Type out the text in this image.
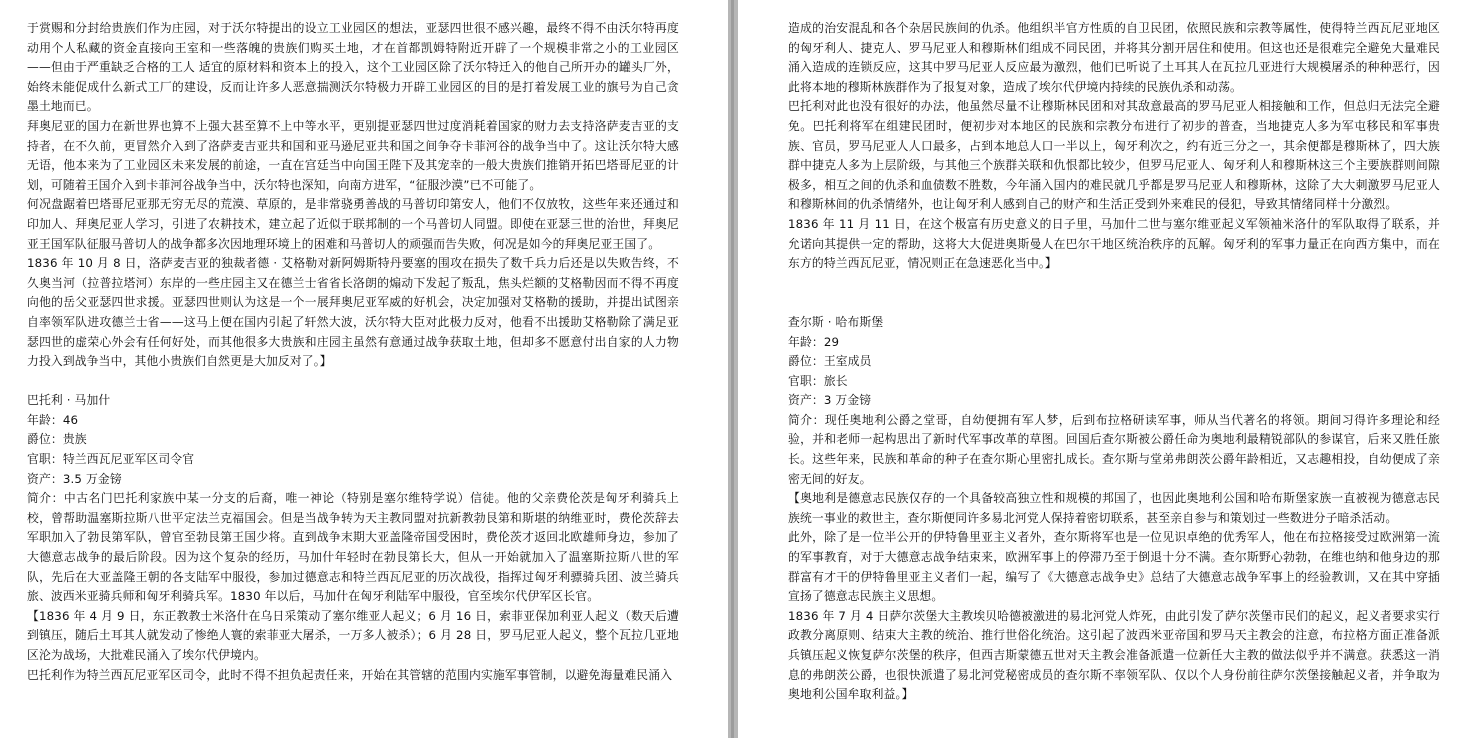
于赏赐和分封给贵族们作为庄园，对于沃尔特提出的设立工业园区的想法，亚瑟四世很不感兴趣，最终不得不由沃尔特再度动用个人私藏的资金直接向王室和一些落魄的贵族们购买土地，才在首都凯姆特附近开辟了一个规模非常之小的工业园区——但由于严重缺乏合格的工人 适宜的原材料和资本上的投入，这个工业园区除了沃尔特迁入的他自己所开办的罐头厂外，始终未能促成什么新式工厂的建设，反而让许多人恶意揣测沃尔特极力开辟工业园区的目的是打着发展工业的旗号为自己贪墨土地而已。

拜奥尼亚的国力在新世界也算不上强大甚至算不上中等水平，更别提亚瑟四世过度消耗着国家的财力去支持洛萨麦吉亚的支持者，在不久前，更冒然介入到了洛萨麦吉亚共和国和亚马逊尼亚共和国之间争夺卡菲河谷的战争当中了。这让沃尔特大感无语，他本来为了工业园区未来发展的前途，一直在宫廷当中向国王陛下及其宠幸的一般大贵族们推销开拓巴塔哥尼亚的计划，可随着王国介入到卡菲河谷战争当中，沃尔特也深知，向南方进军，“征服沙漠”已不可能了。

何况盘踞着巴塔哥尼亚那无穷无尽的荒漠、草原的，是非常骁勇善战的马普切印第安人，他们不仅放牧，这些年来还通过和印加人、拜奥尼亚人学习，引进了农耕技术，建立起了近似于联邦制的一个马普切人同盟。即使在亚瑟三世的治世，拜奥尼亚王国军队征服马普切人的战争都多次因地理环境上的困难和马普切人的顽强而告失败，何况是如今的拜奥尼亚王国了。

1836 年 10 月 8 日，洛萨麦吉亚的独裁者德 · 艾格勒对新阿姆斯特丹要塞的围攻在损失了数千兵力后还是以失败告终，不久奥当河（拉普拉塔河）东岸的一些庄园主又在德兰士省省长洛朗的煽动下发起了叛乱，焦头烂额的艾格勒因而不得不再度向他的岳父亚瑟四世求援。亚瑟四世则认为这是一个一展拜奥尼亚军威的好机会，决定加强对艾格勒的援助，并提出试图亲自率领军队进攻德兰士省——这马上便在国内引起了轩然大波，沃尔特大臣对此极力反对，他看不出援助艾格勒除了满足亚瑟四世的虚荣心外会有任何好处，而其他很多大贵族和庄园主虽然有意通过战争获取土地，但却多不愿意付出自家的人力物力投入到战争当中，其他小贵族们自然更是大加反对了。】

巴托利 · 马加什

年龄：46

爵位：贵族

官职：特兰西瓦尼亚军区司令官

资产：3.5 万金镑

简介：中古名门巴托利家族中某一分支的后裔，唯一神论（特别是塞尔维特学说）信徒。他的父亲费伦茨是匈牙利骑兵上校，曾帮助温塞斯拉斯八世平定法兰克福国会。但是当战争转为天主教同盟对抗新教勃艮第和斯堪的纳维亚时，费伦茨辞去军职加入了勃艮第军队，曾官至勃艮第王国少将。直到战争末期大亚盖隆帝国受困时，费伦茨才返回北欧雄师身边，参加了大德意志战争的最后阶段。因为这个复杂的经历，马加什年轻时在勃艮第长大，但从一开始就加入了温塞斯拉斯八世的军队，先后在大亚盖隆王朝的各支陆军中服役，参加过德意志和特兰西瓦尼亚的历次战役，指挥过匈牙利骠骑兵团、波兰骑兵旅、波西米亚骑兵师和匈牙利骑兵军。1830 年以后，马加什在匈牙利陆军中服役，官至埃尔代伊军区长官。

【1836 年 4 月 9 日，东正教教士米洛什在乌日采策动了塞尔维亚人起义；6 月 16 日，索菲亚保加利亚人起义（数天后遭到镇压，随后土耳其人就发动了惨绝人寰的索菲亚大屠杀，一万多人被杀）；6 月 28 日，罗马尼亚人起义，整个瓦拉几亚地区沦为战场，大批难民涌入了埃尔代伊境内。

巴托利作为特兰西瓦尼亚军区司令，此时不得不担负起责任来，开始在其管辖的范围内实施军事管制，以避免海量难民涌入

造成的治安混乱和各个杂居民族间的仇杀。他组织半官方性质的自卫民团，依照民族和宗教等属性，使得特兰西瓦尼亚地区的匈牙利人、捷克人、罗马尼亚人和穆斯林们组成不同民团，并将其分割开居住和使用。但这也还是很难完全避免大量难民涌入造成的连锁反应，这其中罗马尼亚人反应最为激烈，他们已听说了土耳其人在瓦拉几亚进行大规模屠杀的种种恶行，因此将本地的穆斯林族群作为了报复对象，造成了埃尔代伊境内持续的民族仇杀和动荡。

巴托利对此也没有很好的办法，他虽然尽量不让穆斯林民团和对其敌意最高的罗马尼亚人相接触和工作，但总归无法完全避免。巴托利将军在组建民团时，便初步对本地区的民族和宗教分布进行了初步的普查，当地捷克人多为军屯移民和军事贵族、官员，罗马尼亚人人口最多，占到本地总人口一半以上，匈牙利次之，约有近三分之一，其余便都是穆斯林了，四大族群中捷克人多为上层阶级，与其他三个族群关联和仇恨都比较少，但罗马尼亚人、匈牙利人和穆斯林这三个主要族群则间隙极多，相互之间的仇杀和血债数不胜数，今年涌入国内的难民就几乎都是罗马尼亚人和穆斯林，这除了大大刺激罗马尼亚人和穆斯林间的仇杀情绪外，也让匈牙利人感到自己的财产和生活正受到外来难民的侵犯，导致其情绪同样十分激烈。

1836 年 11 月 11 日，在这个极富有历史意义的日子里，马加什二世与塞尔维亚起义军领袖米洛什的军队取得了联系，并允诺向其提供一定的帮助，这将大大促进奥斯曼人在巴尔干地区统治秩序的瓦解。匈牙利的军事力量正在向西方集中，而在东方的特兰西瓦尼亚，情况则正在急速恶化当中。】

查尔斯 · 哈布斯堡

年龄：29

爵位：王室成员

官职：旅长

资产：3 万金镑

简介：现任奥地利公爵之堂哥，自幼便拥有军人梦，后到布拉格研读军事，师从当代著名的将领。期间习得许多理论和经验，并和老师一起构思出了新时代军事改革的草图。回国后查尔斯被公爵任命为奥地利最精锐部队的参谋官，后来又胜任旅长。这些年来，民族和革命的种子在查尔斯心里密扎成长。查尔斯与堂弟弗朗茨公爵年龄相近，又志趣相投，自幼便成了亲密无间的好友。

【奥地利是德意志民族仅存的一个具备较高独立性和规模的邦国了，也因此奥地利公国和哈布斯堡家族一直被视为德意志民族统一事业的救世主，查尔斯便同许多易北河党人保持着密切联系，甚至亲自参与和策划过一些数进分子暗杀活动。

此外，除了是一位半公开的伊特鲁里亚主义者外，查尔斯将军也是一位见识卓绝的优秀军人，他在布拉格接受过欧洲第一流的军事教育，对于大德意志战争结束来，欧洲军事上的停滞乃至于倒退十分不满。查尔斯野心勃勃，在维也纳和他身边的那群富有才干的伊特鲁里亚主义者们一起，编写了《大德意志战争史》总结了大德意志战争军事上的经验教训，又在其中穿插宣扬了德意志民族主义思想。

1836 年 7 月 4 日萨尔茨堡大主教埃贝哈德被激进的易北河党人炸死，由此引发了萨尔茨堡市民们的起义，起义者要求实行政教分离原则、结束大主教的统治、推行世俗化统治。这引起了波西米亚帝国和罗马天主教会的注意，布拉格方面正准备派兵镇压起义恢复萨尔茨堡的秩序，但西吉斯蒙德五世对天主教会准备派遣一位新任大主教的做法似乎并不满意。获悉这一消息的弗朗茨公爵，也很快派遣了易北河党秘密成员的查尔斯不率领军队、仅以个人身份前往萨尔茨堡接触起义者，并争取为奥地利公国牟取利益。】
